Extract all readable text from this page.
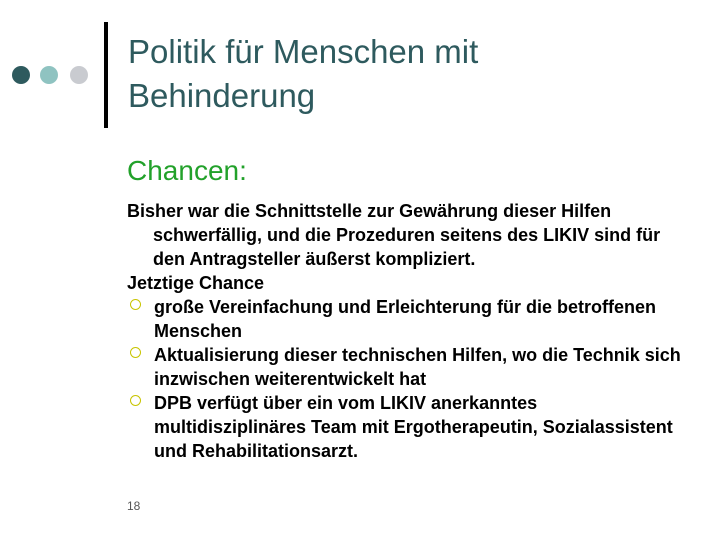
Politik für Menschen mit
Behinderung
Chancen:
Bisher war die Schnittstelle zur Gewährung dieser Hilfen schwerfällig, und die Prozeduren seitens des LIKIV sind für den Antragsteller äußerst kompliziert.
Jetztige Chance
große Vereinfachung und Erleichterung für die betroffenen Menschen
Aktualisierung dieser technischen Hilfen, wo die Technik sich inzwischen weiterentwickelt hat
DPB verfügt über ein vom LIKIV anerkanntes multidisziplinäres Team mit Ergotherapeutin, Sozialassistent und Rehabilitationsarzt.
18
